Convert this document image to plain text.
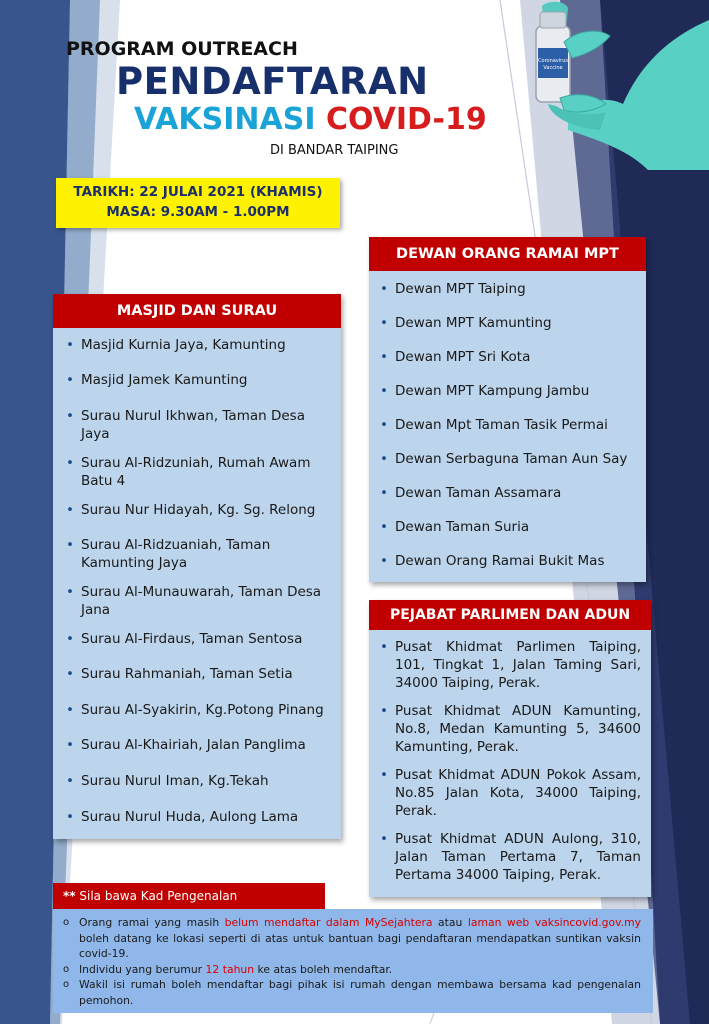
Coronavirus
Vaccine
PROGRAM OUTREACH
PENDAFTARAN
VAKSINASI COVID-19
DI BANDAR TAIPING
TARIKH: 22 JULAI 2021 (KHAMIS)
MASA: 9.30AM - 1.00PM
MASJID DAN SURAU
• Masjid Kurnia Jaya, Kamunting
• Masjid Jamek Kamunting
• Surau Nurul Ikhwan, Taman Desa Jaya
• Surau Al-Ridzuniah, Rumah Awam Batu 4
• Surau Nur Hidayah, Kg. Sg. Relong
• Surau Al-Ridzuaniah, Taman Kamunting Jaya
• Surau Al-Munauwarah, Taman Desa Jana
• Surau Al-Firdaus, Taman Sentosa
• Surau Rahmaniah, Taman Setia
• Surau Al-Syakirin, Kg.Potong Pinang
• Surau Al-Khairiah, Jalan Panglima
• Surau Nurul Iman, Kg.Tekah
• Surau Nurul Huda, Aulong Lama
DEWAN ORANG RAMAI MPT
• Dewan MPT Taiping
• Dewan MPT Kamunting
• Dewan MPT Sri Kota
• Dewan MPT Kampung Jambu
• Dewan Mpt Taman Tasik Permai
• Dewan Serbaguna Taman Aun Say
• Dewan Taman Assamara
• Dewan Taman Suria
• Dewan Orang Ramai Bukit Mas
PEJABAT PARLIMEN DAN ADUN
• Pusat Khidmat Parlimen Taiping, 101, Tingkat 1, Jalan Taming Sari, 34000 Taiping, Perak.
• Pusat Khidmat ADUN Kamunting, No.8, Medan Kamunting 5, 34600 Kamunting, Perak.
• Pusat Khidmat ADUN Pokok Assam, No.85 Jalan Kota, 34000 Taiping, Perak.
• Pusat Khidmat ADUN Aulong, 310, Jalan Taman Pertama 7, Taman Pertama 34000 Taiping, Perak.
** Sila bawa Kad Pengenalan
o Orang ramai yang masih belum mendaftar dalam MySejahtera atau laman web vaksincovid.gov.my boleh datang ke lokasi seperti di atas untuk bantuan bagi pendaftaran mendapatkan suntikan vaksin covid-19.
o Individu yang berumur 12 tahun ke atas boleh mendaftar.
o Wakil isi rumah boleh mendaftar bagi pihak isi rumah dengan membawa bersama kad pengenalan pemohon.
